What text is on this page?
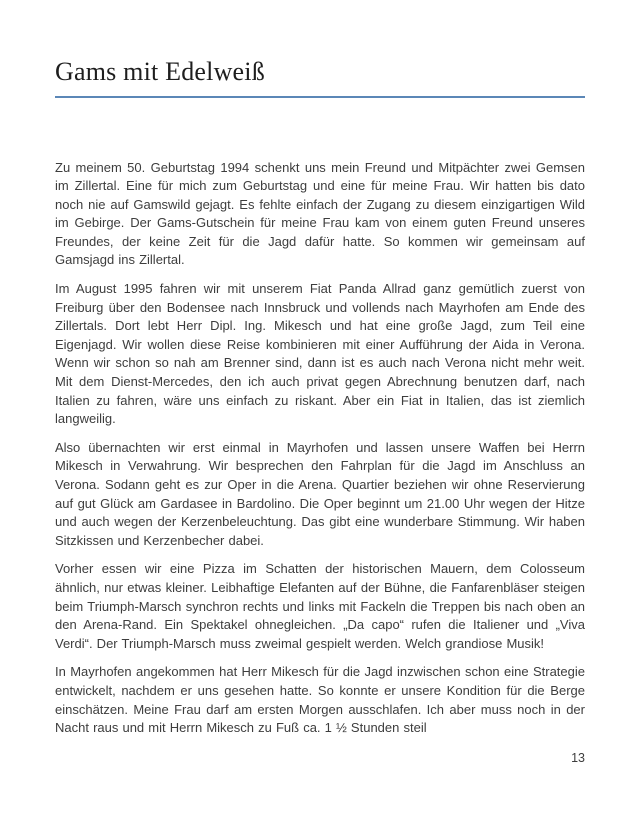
Gams mit Edelweiß

Zu meinem 50. Geburtstag 1994 schenkt uns mein Freund und Mitpächter zwei Gemsen im Zillertal. Eine für mich zum Geburtstag und eine für meine Frau. Wir hatten bis dato noch nie auf Gamswild gejagt. Es fehlte einfach der Zugang zu diesem einzigartigen Wild im Gebirge. Der Gams-Gutschein für meine Frau kam von einem guten Freund unseres Freundes, der keine Zeit für die Jagd dafür hatte. So kommen wir gemeinsam auf Gamsjagd ins Zillertal.

Im August 1995 fahren wir mit unserem Fiat Panda Allrad ganz gemütlich zuerst von Freiburg über den Bodensee nach Innsbruck und vollends nach Mayrhofen am Ende des Zillertals. Dort lebt Herr Dipl. Ing. Mikesch und hat eine große Jagd, zum Teil eine Eigenjagd. Wir wollen diese Reise kombinieren mit einer Aufführung der Aida in Verona. Wenn wir schon so nah am Brenner sind, dann ist es auch nach Verona nicht mehr weit. Mit dem Dienst-Mercedes, den ich auch privat gegen Abrechnung benutzen darf, nach Italien zu fahren, wäre uns einfach zu riskant. Aber ein Fiat in Italien, das ist ziemlich langweilig.

Also übernachten wir erst einmal in Mayrhofen und lassen unsere Waffen bei Herrn Mikesch in Verwahrung. Wir besprechen den Fahrplan für die Jagd im Anschluss an Verona. Sodann geht es zur Oper in die Arena. Quartier beziehen wir ohne Reservierung auf gut Glück am Gardasee in Bardolino. Die Oper beginnt um 21.00 Uhr wegen der Hitze und auch wegen der Kerzenbeleuchtung. Das gibt eine wunderbare Stimmung. Wir haben Sitzkissen und Kerzenbecher dabei.

Vorher essen wir eine Pizza im Schatten der historischen Mauern, dem Colosseum ähnlich, nur etwas kleiner. Leibhaftige Elefanten auf der Bühne, die Fanfarenbläser steigen beim Triumph-Marsch synchron rechts und links mit Fackeln die Treppen bis nach oben an den Arena-Rand. Ein Spektakel ohnegleichen. „Da capo“ rufen die Italiener und „Viva Verdi“. Der Triumph-Marsch muss zweimal gespielt werden. Welch grandiose Musik!

In Mayrhofen angekommen hat Herr Mikesch für die Jagd inzwischen schon eine Strategie entwickelt, nachdem er uns gesehen hatte. So konnte er unsere Kondition für die Berge einschätzen. Meine Frau darf am ersten Morgen ausschlafen. Ich aber muss noch in der Nacht raus und mit Herrn Mikesch zu Fuß ca. 1 ½ Stunden steil

13
